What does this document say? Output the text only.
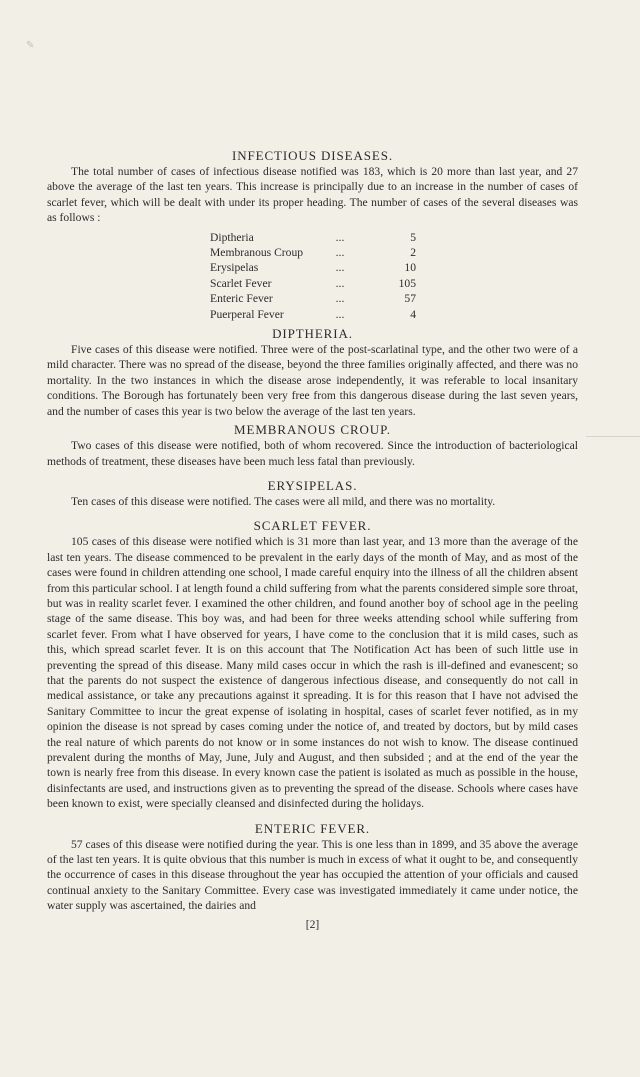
✎
INFECTIOUS DISEASES.

The total number of cases of infectious disease notified was 183, which is 20 more than last year, and 27 above the average of the last ten years. This increase is principally due to an increase in the number of cases of scarlet fever, which will be dealt with under its proper heading. The number of cases of the several diseases was as follows :

Diptheria	...	5
Membranous Croup	...	2
Erysipelas	...	10
Scarlet Fever	...	105
Enteric Fever	...	57
Puerperal Fever	...	4
DIPTHERIA.

Five cases of this disease were notified. Three were of the post-scarlatinal type, and the other two were of a mild character. There was no spread of the disease, beyond the three families originally affected, and there was no mortality. In the two instances in which the disease arose independently, it was referable to local insanitary conditions. The Borough has fortunately been very free from this dangerous disease during the last seven years, and the number of cases this year is two below the average of the last ten years.

MEMBRANOUS CROUP.

Two cases of this disease were notified, both of whom recovered. Since the introduction of bacteriological methods of treatment, these diseases have been much less fatal than previously.

ERYSIPELAS.

Ten cases of this disease were notified. The cases were all mild, and there was no mortality.

SCARLET FEVER.

105 cases of this disease were notified which is 31 more than last year, and 13 more than the average of the last ten years. The disease commenced to be prevalent in the early days of the month of May, and as most of the cases were found in children attending one school, I made careful enquiry into the illness of all the children absent from this particular school. I at length found a child suffering from what the parents considered simple sore throat, but was in reality scarlet fever. I examined the other children, and found another boy of school age in the peeling stage of the same disease. This boy was, and had been for three weeks attending school while suffering from scarlet fever. From what I have observed for years, I have come to the conclusion that it is mild cases, such as this, which spread scarlet fever. It is on this account that The Notification Act has been of such little use in preventing the spread of this disease. Many mild cases occur in which the rash is ill-defined and evanescent; so that the parents do not suspect the existence of dangerous infectious disease, and consequently do not call in medical assistance, or take any precautions against it spreading. It is for this reason that I have not advised the Sanitary Committee to incur the great expense of isolating in hospital, cases of scarlet fever notified, as in my opinion the disease is not spread by cases coming under the notice of, and treated by doctors, but by mild cases the real nature of which parents do not know or in some instances do not wish to know. The disease continued prevalent during the months of May, June, July and August, and then subsided ; and at the end of the year the town is nearly free from this disease. In every known case the patient is isolated as much as possible in the house, disinfectants are used, and instructions given as to preventing the spread of the disease. Schools where cases have been known to exist, were specially cleansed and disinfected during the holidays.

ENTERIC FEVER.

57 cases of this disease were notified during the year. This is one less than in 1899, and 35 above the average of the last ten years. It is quite obvious that this number is much in excess of what it ought to be, and consequently the occurrence of cases in this disease throughout the year has occupied the attention of your officials and caused continual anxiety to the Sanitary Committee. Every case was investigated immediately it came under notice, the water supply was ascertained, the dairies and

[2]
